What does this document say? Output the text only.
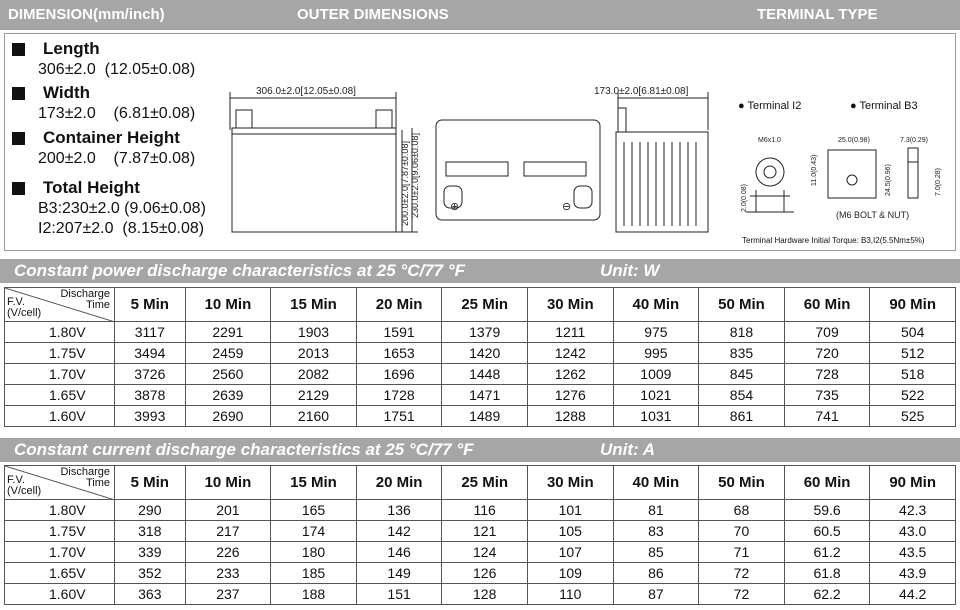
DIMENSION(mm/inch)	OUTER DIMENSIONS	TERMINAL TYPE
Length
306±2.0  (12.05±0.08)
Width
173±2.0    (6.81±0.08)
Container Height
200±2.0    (7.87±0.08)
Total Height
B3:230±2.0 (9.06±0.08)
I2:207±2.0  (8.15±0.08)
306.0±2.0[12.05±0.08]	173.0±2.0[6.81±0.08]
200.0±2.0[7.87±0.08] 230.0±2.0[9.06±0.08]	⊕	⊖
M6x1.0	25.0(0.98)	7.3(0.29)
11.0(0.43)	24.5(0.96)	7.0(0.28)
2.0(0.08)
(M6 BOLT & NUT)
● Terminal I2	● Terminal B3
Terminal Hardware Initial Torque: B3,I2(5.5Nm±5%)
Constant power discharge characteristics at 25 °C/77 °F	Unit: W
Discharge
Time
F.V.
(V/cell)	5 Min	10 Min	15 Min	20 Min	25 Min	30 Min	40 Min	50 Min	60 Min	90 Min
1.80V	3117	2291	1903	1591	1379	1211	975	818	709	504
1.75V	3494	2459	2013	1653	1420	1242	995	835	720	512
1.70V	3726	2560	2082	1696	1448	1262	1009	845	728	518
1.65V	3878	2639	2129	1728	1471	1276	1021	854	735	522
1.60V	3993	2690	2160	1751	1489	1288	1031	861	741	525
Constant current discharge characteristics at 25 °C/77 °F	Unit: A
Discharge
Time
F.V.
(V/cell)	5 Min	10 Min	15 Min	20 Min	25 Min	30 Min	40 Min	50 Min	60 Min	90 Min
1.80V	290	201	165	136	116	101	81	68	59.6	42.3
1.75V	318	217	174	142	121	105	83	70	60.5	43.0
1.70V	339	226	180	146	124	107	85	71	61.2	43.5
1.65V	352	233	185	149	126	109	86	72	61.8	43.9
1.60V	363	237	188	151	128	110	87	72	62.2	44.2
